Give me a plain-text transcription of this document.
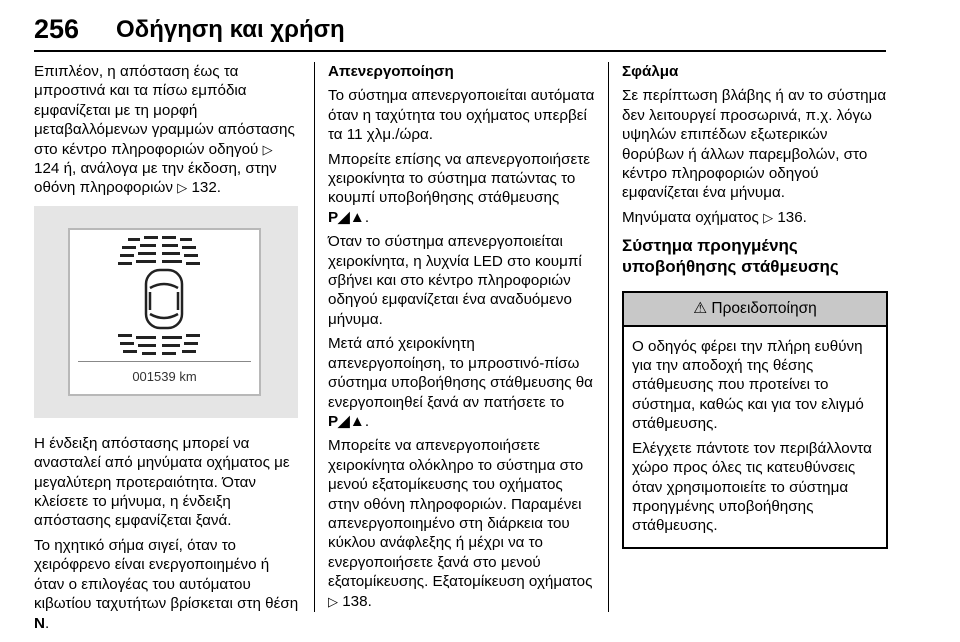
256 Οδήγηση και χρήση

Επιπλέον, η απόσταση έως τα μπροστινά και τα πίσω εμπόδια εμφανίζεται με τη μορφή μεταβαλλόμενων γραμμών απόστασης στο κέντρο πληροφοριών οδηγού ▷ 124 ή, ανάλογα με την έκδοση, στην οθόνη πληροφοριών ▷ 132.

001539 km

Η ένδειξη απόστασης μπορεί να ανασταλεί από μηνύματα οχήματος με μεγαλύτερη προτεραιότητα. Όταν κλείσετε το μήνυμα, η ένδειξη απόστασης εμφανίζεται ξανά.

Το ηχητικό σήμα σιγεί, όταν το χειρόφρενο είναι ενεργοποιημένο ή όταν ο επιλογέας του αυτόματου κιβωτίου ταχυτήτων βρίσκεται στη θέση N.

Απενεργοποίηση

Το σύστημα απενεργοποιείται αυτόματα όταν η ταχύτητα του οχήματος υπερβεί τα 11 χλμ./ώρα.

Μπορείτε επίσης να απενεργοποιήσετε χειροκίνητα το σύστημα πατώντας το κουμπί υποβοήθησης στάθμευσης P◢▲.

Όταν το σύστημα απενεργοποιείται χειροκίνητα, η λυχνία LED στο κουμπί σβήνει και στο κέντρο πληροφοριών οδηγού εμφανίζεται ένα αναδυόμενο μήνυμα.

Μετά από χειροκίνητη απενεργοποίηση, το μπροστινό-πίσω σύστημα υποβοήθησης στάθμευσης θα ενεργοποιηθεί ξανά αν πατήσετε το P◢▲.

Μπορείτε να απενεργοποιήσετε χειροκίνητα ολόκληρο το σύστημα στο μενού εξατομίκευσης του οχήματος στην οθόνη πληροφοριών. Παραμένει απενεργοποιημένο στη διάρκεια του κύκλου ανάφλεξης ή μέχρι να το ενεργοποιήσετε ξανά στο μενού εξατομίκευσης. Εξατομίκευση οχήματος ▷ 138.

Σφάλμα

Σε περίπτωση βλάβης ή αν το σύστημα δεν λειτουργεί προσωρινά, π.χ. λόγω υψηλών επιπέδων εξωτερικών θορύβων ή άλλων παρεμβολών, στο κέντρο πληροφοριών οδηγού εμφανίζεται ένα μήνυμα.

Μηνύματα οχήματος ▷ 136.

Σύστημα προηγμένης υποβοήθησης στάθμευσης
⚠ Προειδοποίηση

Ο οδηγός φέρει την πλήρη ευθύνη για την αποδοχή της θέσης στάθμευσης που προτείνει το σύστημα, καθώς και για τον ελιγμό στάθμευσης.

Ελέγχετε πάντοτε τον περιβάλλοντα χώρο προς όλες τις κατευθύνσεις όταν χρησιμοποιείτε το σύστημα προηγμένης υποβοήθησης στάθμευσης.
